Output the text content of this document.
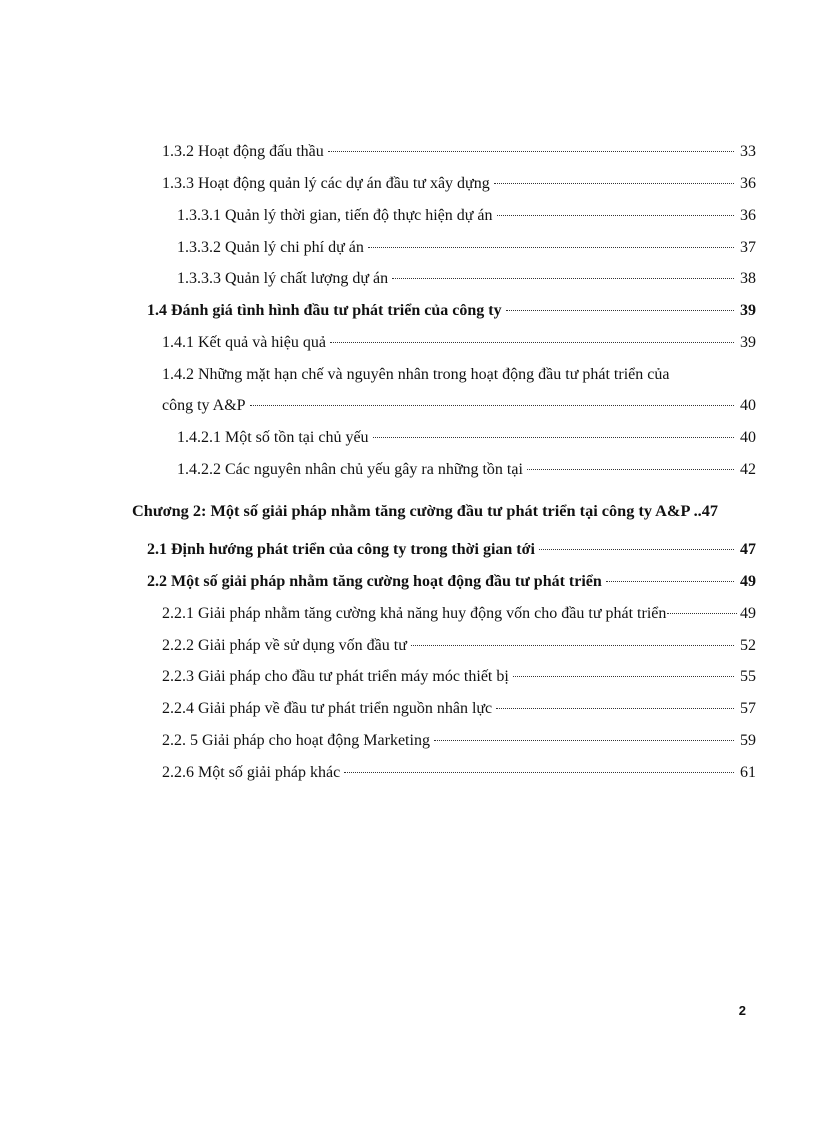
1.3.2 Hoạt động đấu thầu	33
1.3.3 Hoạt động quản lý các dự án đầu tư xây dựng	36
1.3.3.1 Quản lý thời gian, tiến độ thực hiện dự án	36
1.3.3.2 Quản lý chi phí dự án	37
1.3.3.3 Quản lý chất lượng dự án	38
1.4 Đánh giá tình hình đầu tư phát triển của công ty	39
1.4.1 Kết quả và hiệu quả	39
1.4.2 Những mặt hạn chế và nguyên nhân trong hoạt động đầu tư phát triển của
công ty A&P	40
1.4.2.1 Một số tồn tại chủ yếu	40
1.4.2.2 Các nguyên nhân chủ yếu gây ra những tồn tại	42
Chương 2: Một số giải pháp nhằm tăng cường đầu tư phát triển tại công ty A&P ..47
2.1 Định hướng phát triển của công ty trong thời gian tới	47
2.2 Một số giải pháp nhằm tăng cường hoạt động đầu tư phát triển	49
2.2.1 Giải pháp nhằm tăng cường khả năng huy động vốn cho đầu tư phát triển	49
2.2.2 Giải pháp về sử dụng vốn đầu tư	52
2.2.3 Giải pháp cho đầu tư phát triển máy móc thiết bị	55
2.2.4 Giải pháp về đầu tư phát triển nguồn nhân lực	57
2.2. 5 Giải pháp cho hoạt động Marketing	59
2.2.6 Một số giải pháp khác	61
2
